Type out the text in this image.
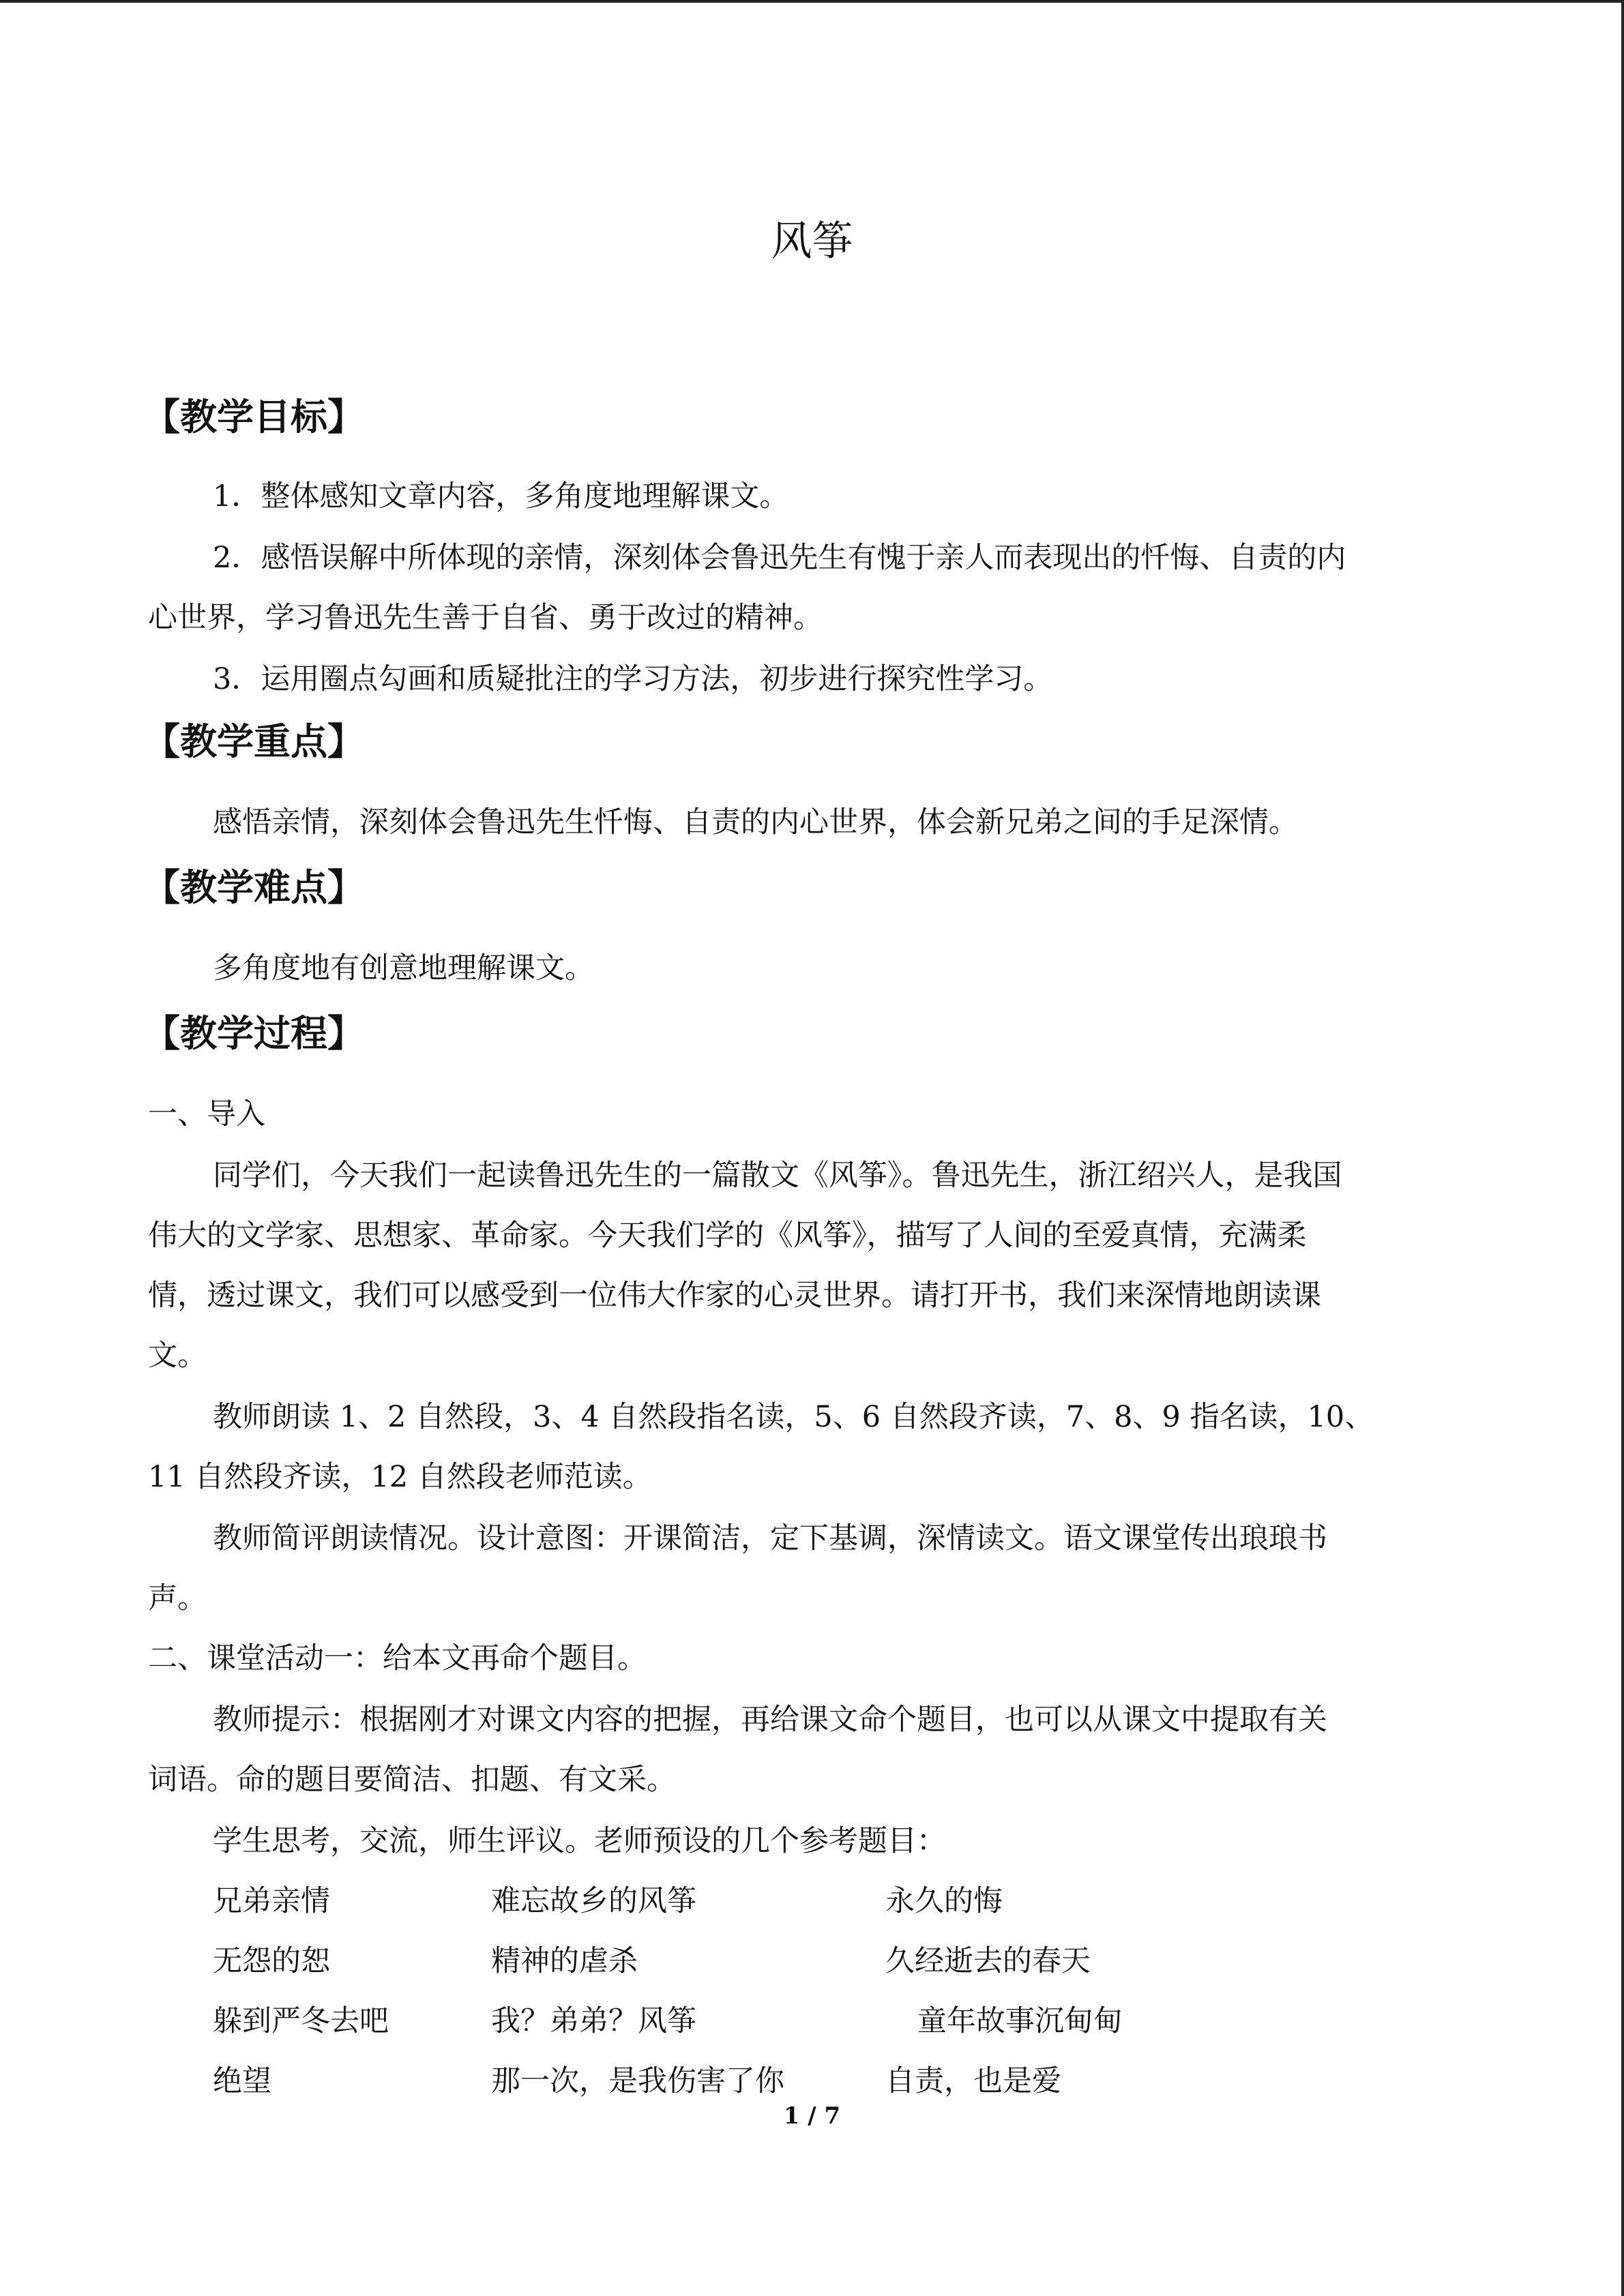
风筝
【教学目标】
1．整体感知文章内容，多角度地理解课文。
2．感悟误解中所体现的亲情，深刻体会鲁迅先生有愧于亲人而表现出的忏悔、自责的内
心世界，学习鲁迅先生善于自省、勇于改过的精神。
3．运用圈点勾画和质疑批注的学习方法，初步进行探究性学习。
【教学重点】
感悟亲情，深刻体会鲁迅先生忏悔、自责的内心世界，体会新兄弟之间的手足深情。
【教学难点】
多角度地有创意地理解课文。
【教学过程】
一、导入
同学们，今天我们一起读鲁迅先生的一篇散文《风筝》。鲁迅先生，浙江绍兴人，是我国
伟大的文学家、思想家、革命家。今天我们学的《风筝》，描写了人间的至爱真情，充满柔
情，透过课文，我们可以感受到一位伟大作家的心灵世界。请打开书，我们来深情地朗读课
文。
教师朗读 1、2 自然段，3、4 自然段指名读，5、6 自然段齐读，7、8、9 指名读，10、
11 自然段齐读，12 自然段老师范读。
教师简评朗读情况。设计意图：开课简洁，定下基调，深情读文。语文课堂传出琅琅书
声。
二、课堂活动一：给本文再命个题目。
教师提示：根据刚才对课文内容的把握，再给课文命个题目，也可以从课文中提取有关
词语。命的题目要简洁、扣题、有文采。
学生思考，交流，师生评议。老师预设的几个参考题目：
兄弟亲情	难忘故乡的风筝	永久的悔
无怨的恕	精神的虐杀	久经逝去的春天
躲到严冬去吧	我？弟弟？风筝	童年故事沉甸甸
绝望	那一次，是我伤害了你	自责，也是爱
1 / 7
